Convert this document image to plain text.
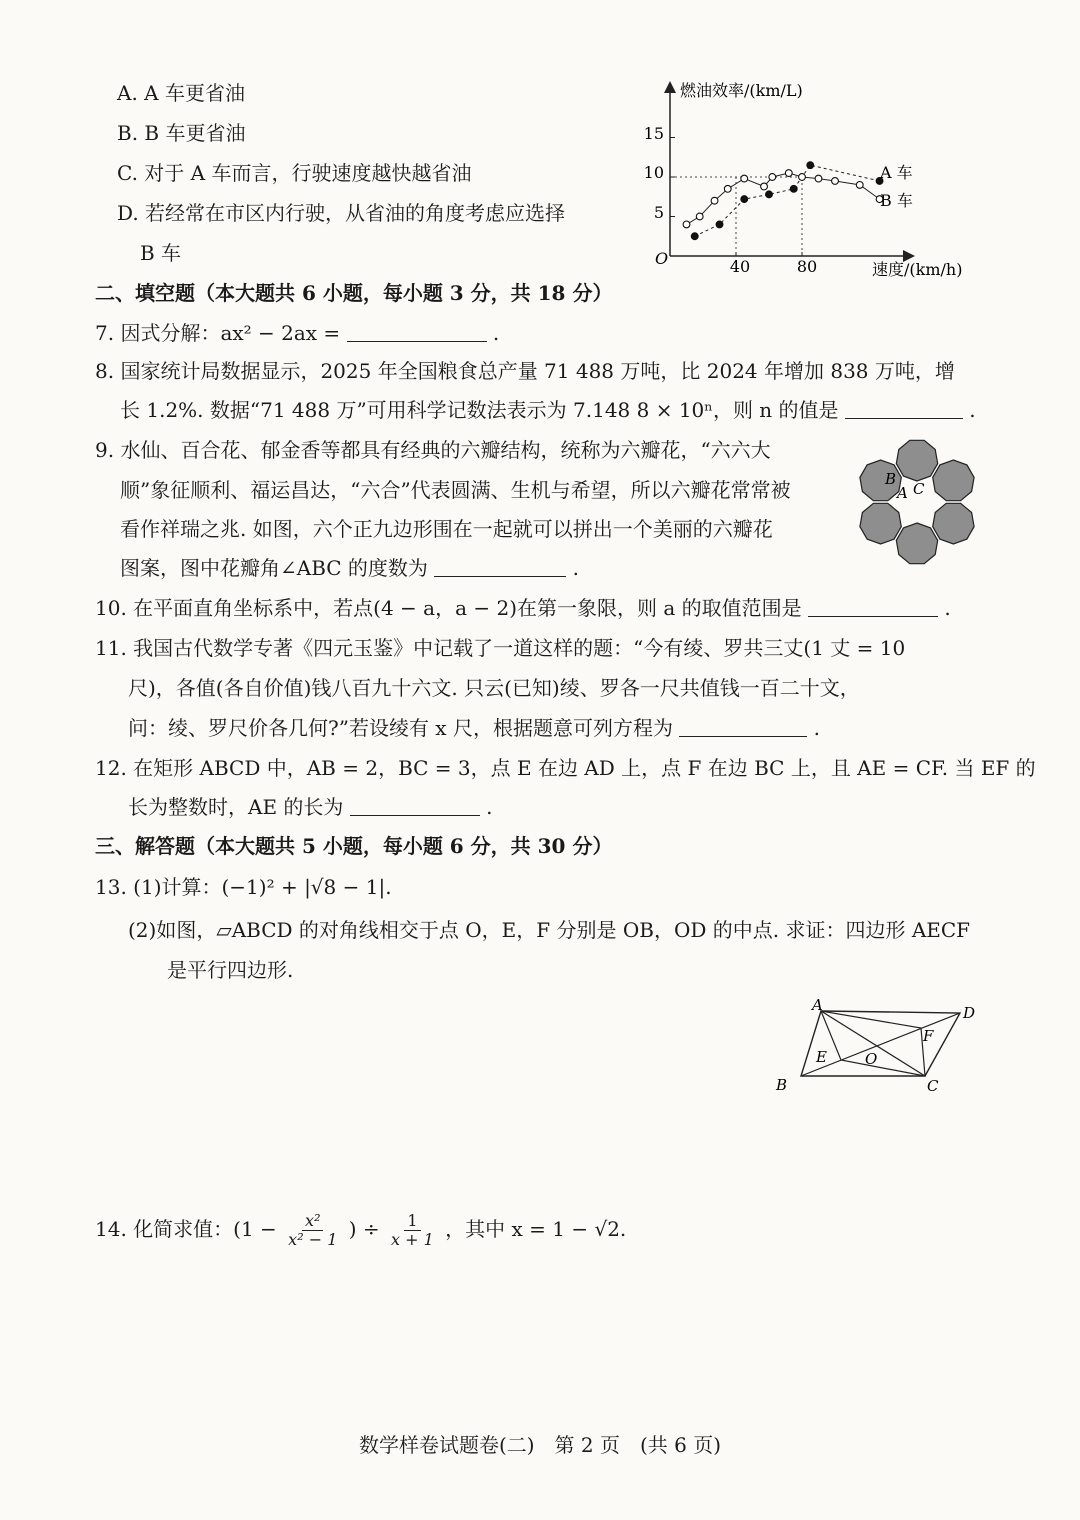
A. A 车更省油
B. B 车更省油
C. 对于 A 车而言，行驶速度越快越省油
D. 若经常在市区内行驶，从省油的角度考虑应选择
B 车
燃油效率/(km/L)
速度/(km/h)
O	40	80
5
10
15
A 车
B 车
二、填空题（本大题共 6 小题，每小题 3 分，共 18 分）
7. 因式分解：ax² − 2ax =	.
8. 国家统计局数据显示，2025 年全国粮食总产量 71 488 万吨，比 2024 年增加 838 万吨，增
长 1.2%. 数据“71 488 万”可用科学记数法表示为 7.148 8 × 10ⁿ，则 n 的值是	.
9. 水仙、百合花、郁金香等都具有经典的六瓣结构，统称为六瓣花，“六六大
顺”象征顺利、福运昌达，“六合”代表圆满、生机与希望，所以六瓣花常常被
看作祥瑞之兆. 如图，六个正九边形围在一起就可以拼出一个美丽的六瓣花
图案，图中花瓣角∠ABC 的度数为	.
B
A C
10. 在平面直角坐标系中，若点(4 − a，a − 2)在第一象限，则 a 的取值范围是	.
11. 我国古代数学专著《四元玉鉴》中记载了一道这样的题：“今有绫、罗共三丈(1 丈 = 10
尺)，各值(各自价值)钱八百九十六文. 只云(已知)绫、罗各一尺共值钱一百二十文，
问：绫、罗尺价各几何?”若设绫有 x 尺，根据题意可列方程为	.
12. 在矩形 ABCD 中，AB = 2，BC = 3，点 E 在边 AD 上，点 F 在边 BC 上，且 AE = CF. 当 EF 的
长为整数时，AE 的长为	.
三、解答题（本大题共 5 小题，每小题 6 分，共 30 分）
13. (1)计算：(−1)² + |√8 − 1|.
(2)如图，▱ABCD 的对角线相交于点 O，E，F 分别是 OB，OD 的中点. 求证：四边形 AECF
是平行四边形.
A	D
B	C
E
F
O
14. 化简求值：($1 - \frac{\text{x²}}{\text{x² − 1}}$ ) ÷ $\frac{1}{x + 1}$ ，其中 x = 1 − √2.
数学样卷试题卷(二)　第 2 页　(共 6 页)
